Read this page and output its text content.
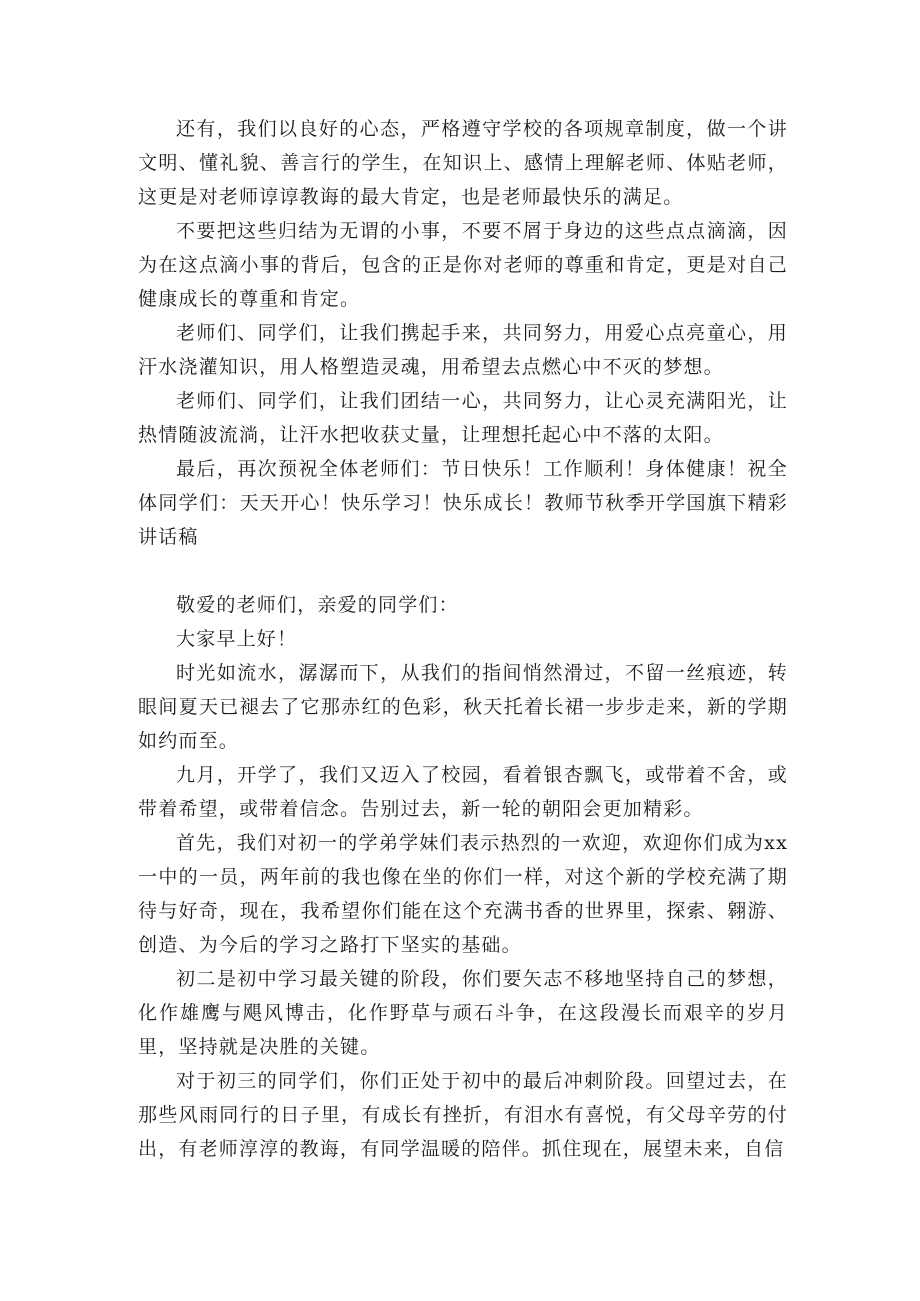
还有，我们以良好的心态，严格遵守学校的各项规章制度，做一个讲文明、懂礼貌、善言行的学生，在知识上、感情上理解老师、体贴老师，这更是对老师谆谆教诲的最大肯定，也是老师最快乐的满足。

不要把这些归结为无谓的小事，不要不屑于身边的这些点点滴滴，因为在这点滴小事的背后，包含的正是你对老师的尊重和肯定，更是对自己健康成长的尊重和肯定。

老师们、同学们，让我们携起手来，共同努力，用爱心点亮童心，用汗水浇灌知识，用人格塑造灵魂，用希望去点燃心中不灭的梦想。

老师们、同学们，让我们团结一心，共同努力，让心灵充满阳光，让热情随波流淌，让汗水把收获丈量，让理想托起心中不落的太阳。

最后，再次预祝全体老师们：节日快乐！工作顺利！身体健康！祝全体同学们：天天开心！快乐学习！快乐成长！教师节秋季开学国旗下精彩讲话稿

敬爱的老师们，亲爱的同学们：

大家早上好！

时光如流水，潺潺而下，从我们的指间悄然滑过，不留一丝痕迹，转眼间夏天已褪去了它那赤红的色彩，秋天托着长裙一步步走来，新的学期如约而至。

九月，开学了，我们又迈入了校园，看着银杏飘飞，或带着不舍，或带着希望，或带着信念。告别过去，新一轮的朝阳会更加精彩。

首先，我们对初一的学弟学妹们表示热烈的一欢迎，欢迎你们成为xx一中的一员，两年前的我也像在坐的你们一样，对这个新的学校充满了期待与好奇，现在，我希望你们能在这个充满书香的世界里，探索、翱游、创造、为今后的学习之路打下坚实的基础。

初二是初中学习最关键的阶段，你们要矢志不移地坚持自己的梦想，化作雄鹰与飓风博击，化作野草与顽石斗争，在这段漫长而艰辛的岁月里，坚持就是决胜的关键。

对于初三的同学们，你们正处于初中的最后冲刺阶段。回望过去，在那些风雨同行的日子里，有成长有挫折，有泪水有喜悦，有父母辛劳的付出，有老师淳淳的教诲，有同学温暖的陪伴。抓住现在，展望未来，自信
